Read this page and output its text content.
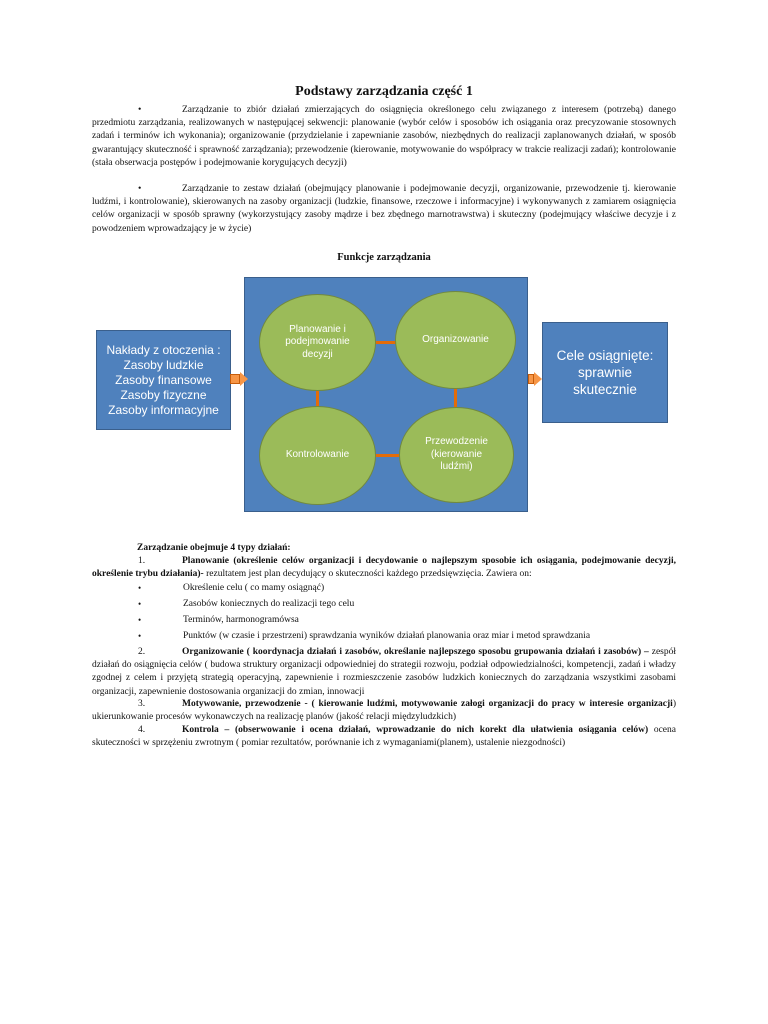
Podstawy zarządzania część 1
•	Zarządzanie to zbiór działań zmierzających do osiągnięcia określonego celu związanego z interesem (potrzebą) danego przedmiotu zarządzania, realizowanych w następującej sekwencji: planowanie (wybór celów i sposobów ich osiągania oraz precyzowanie stosownych zadań i terminów ich wykonania); organizowanie (przydzielanie i zapewnianie zasobów, niezbędnych do realizacji zaplanowanych działań, w sposób gwarantujący skuteczność i sprawność zarządzania); przewodzenie (kierowanie, motywowanie do współpracy w trakcie realizacji zadań); kontrolowanie (stała obserwacja postępów i podejmowanie korygujących decyzji)
•	Zarządzanie to zestaw działań (obejmujący planowanie i podejmowanie decyzji, organizowanie, przewodzenie tj. kierowanie ludźmi, i kontrolowanie), skierowanych na zasoby organizacji (ludzkie, finansowe, rzeczowe i informacyjne) i wykonywanych z zamiarem osiągnięcia celów organizacji w sposób sprawny (wykorzystujący zasoby mądrze i bez zbędnego marnotrawstwa) i skuteczny (podejmujący właściwe decyzje i z powodzeniem wprowadzający je w życie)
Funkcje zarządzania
Nakłady z otoczenia :
Zasoby ludzkie
Zasoby finansowe
Zasoby fizyczne
Zasoby informacyjne
Cele osiągnięte:
sprawnie
skutecznie
Planowanie i
podejmowanie
decyzji
Organizowanie
Kontrolowanie
Przewodzenie
(kierowanie
ludźmi)
Zarządzanie obejmuje 4 typy działań:
1.	Planowanie (określenie celów organizacji i decydowanie o najlepszym sposobie ich osiągania, podejmowanie decyzji, określenie trybu działania)- rezultatem jest plan decydujący o skuteczności każdego przedsięwzięcia. Zawiera on:
•	Określenie celu ( co mamy osiągnąć)
•	Zasobów koniecznych do realizacji tego celu
•	Terminów, harmonogramówsa
•	Punktów (w czasie i przestrzeni) sprawdzania wyników działań planowania oraz miar i metod sprawdzania
2.	Organizowanie ( koordynacja działań i zasobów, określanie najlepszego sposobu grupowania działań i zasobów) – zespół działań do osiągnięcia celów ( budowa struktury organizacji odpowiedniej do strategii rozwoju, podział odpowiedzialności, kompetencji, zadań i władzy zgodnej z celem i przyjętą strategią operacyjną, zapewnienie i rozmieszczenie zasobów ludzkich koniecznych do zarządzania wszystkimi zasobami organizacji, zapewnienie dostosowania organizacji do zmian, innowacji
3.	Motywowanie, przewodzenie - ( kierowanie ludźmi, motywowanie załogi organizacji do pracy w interesie organizacji) ukierunkowanie procesów wykonawczych na realizację planów (jakość relacji międzyludzkich)
4.	Kontrola – (obserwowanie i ocena działań, wprowadzanie do nich korekt dla ułatwienia osiągania celów) ocena skuteczności w sprzężeniu zwrotnym ( pomiar rezultatów, porównanie ich z wymaganiami(planem), ustalenie niezgodności)
